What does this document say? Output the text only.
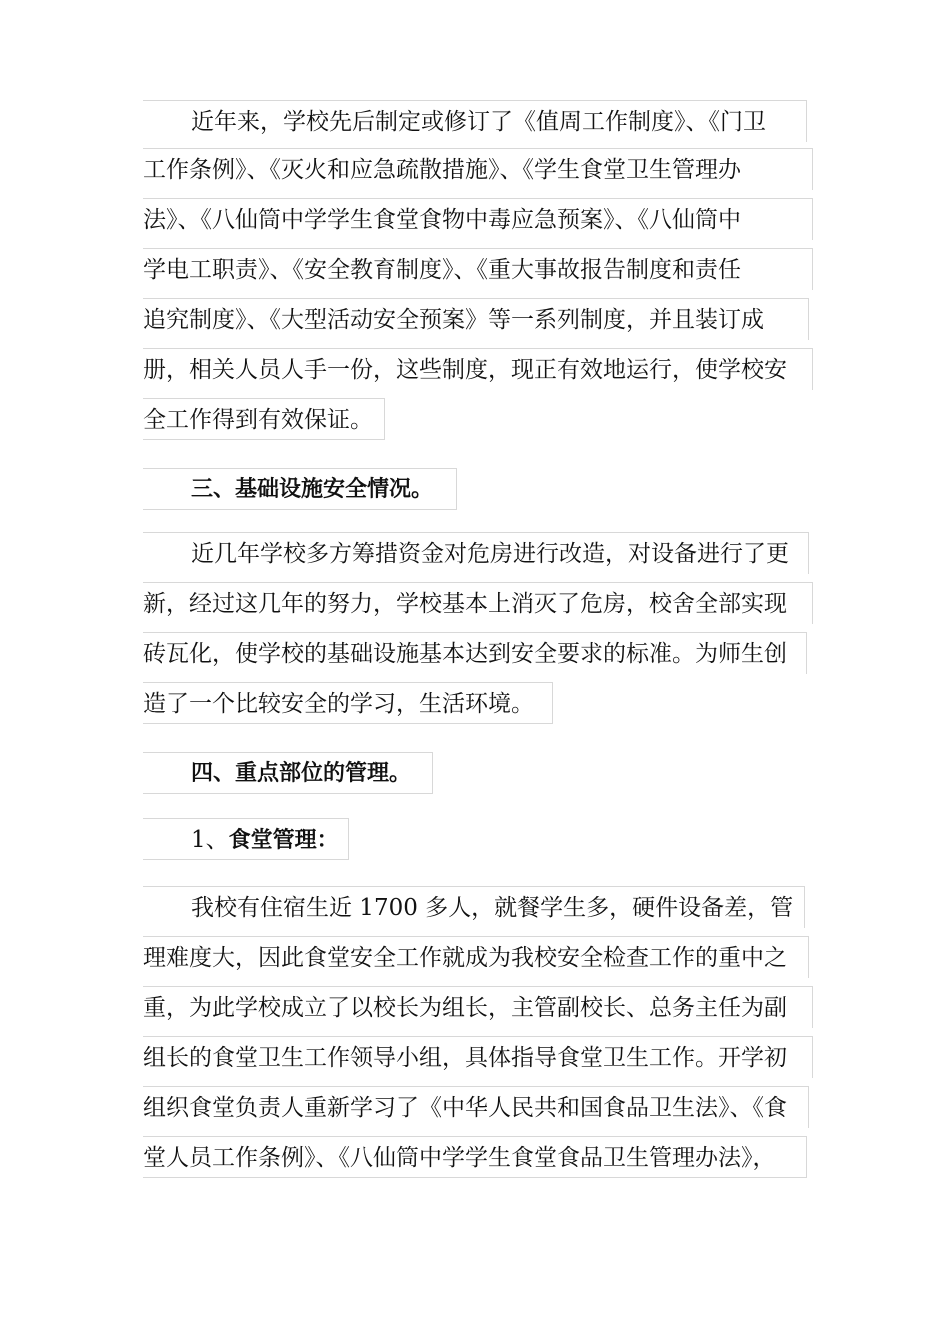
近年来，学校先后制定或修订了《值周工作制度》、《门卫
工作条例》、《灭火和应急疏散措施》、《学生食堂卫生管理办
法》、《八仙筒中学学生食堂食物中毒应急预案》、《八仙筒中
学电工职责》、《安全教育制度》、《重大事故报告制度和责任
追究制度》、《大型活动安全预案》等一系列制度，并且装订成
册，相关人员人手一份，这些制度，现正有效地运行，使学校安
全工作得到有效保证。
三、基础设施安全情况。
近几年学校多方筹措资金对危房进行改造，对设备进行了更
新，经过这几年的努力，学校基本上消灭了危房，校舍全部实现
砖瓦化，使学校的基础设施基本达到安全要求的标准。为师生创
造了一个比较安全的学习，生活环境。
四、重点部位的管理。
1、食堂管理：
我校有住宿生近 1700 多人，就餐学生多，硬件设备差，管
理难度大，因此食堂安全工作就成为我校安全检查工作的重中之
重，为此学校成立了以校长为组长，主管副校长、总务主任为副
组长的食堂卫生工作领导小组，具体指导食堂卫生工作。开学初
组织食堂负责人重新学习了《中华人民共和国食品卫生法》、《食
堂人员工作条例》、《八仙筒中学学生食堂食品卫生管理办法》，
